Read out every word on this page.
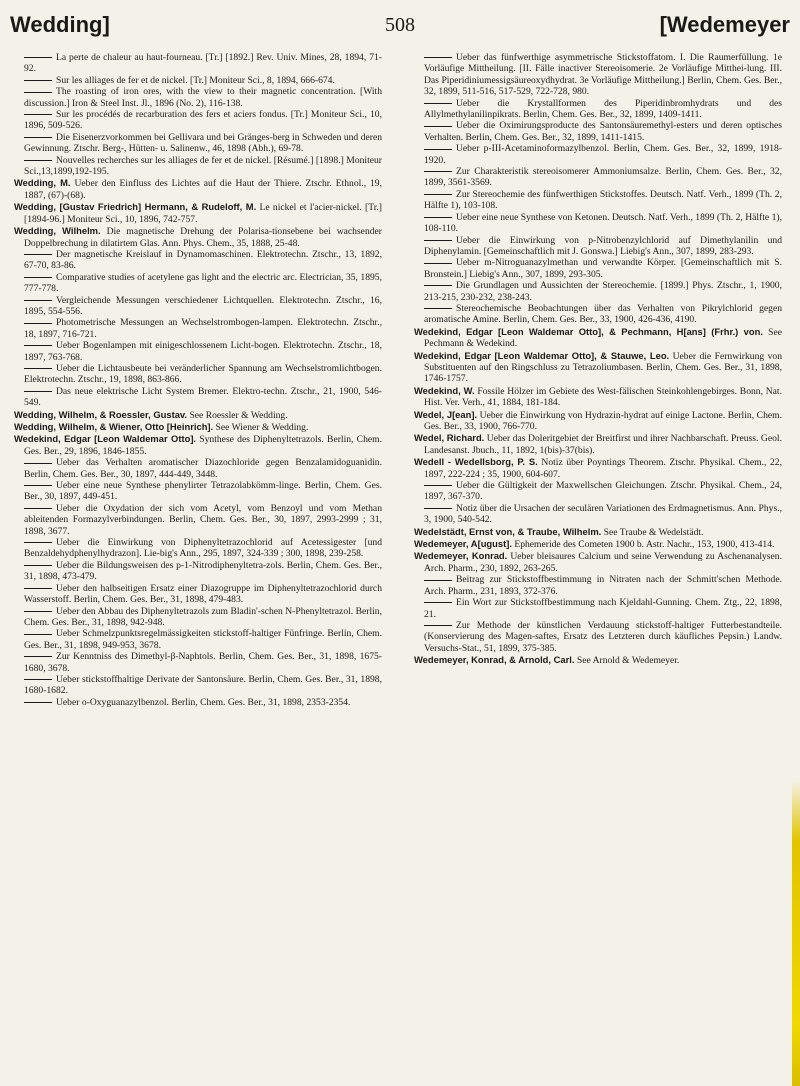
508
Wedding]	[Wedemeyer

La perte de chaleur au haut-fourneau. [Tr.] [1892.] Rev. Univ. Mines, 28, 1894, 71-92.

Sur les alliages de fer et de nickel. [Tr.] Moniteur Sci., 8, 1894, 666-674.

The roasting of iron ores, with the view to their magnetic concentration. [With discussion.] Iron & Steel Inst. Jl., 1896 (No. 2), 116-138.

Sur les procédés de recarburation des fers et aciers fondus. [Tr.] Moniteur Sci., 10, 1896, 509-526.

Die Eisenerzvorkommen bei Gellivara und bei Gränges-berg in Schweden und deren Gewinnung. Ztschr. Berg-, Hütten- u. Salinenw., 46, 1898 (Abh.), 69-78.

Nouvelles recherches sur les alliages de fer et de nickel. [Résumé.] [1898.] Moniteur Sci.,13,1899,192-195.

Wedding, M. Ueber den Einfluss des Lichtes auf die Haut der Thiere. Ztschr. Ethnol., 19, 1887, (67)-(68).

Wedding, [Gustav Friedrich] Hermann, & Rudeloff, M. Le nickel et l'acier-nickel. [Tr.] [1894-96.] Moniteur Sci., 10, 1896, 742-757.

Wedding, Wilhelm. Die magnetische Drehung der Polarisa-tionsebene bei wachsender Doppelbrechung in dilatirtem Glas. Ann. Phys. Chem., 35, 1888, 25-48.

Der magnetische Kreislauf in Dynamomaschinen. Elektrotechn. Ztschr., 13, 1892, 67-70, 83-86.

Comparative studies of acetylene gas light and the electric arc. Electrician, 35, 1895, 777-778.

Vergleichende Messungen verschiedener Lichtquellen. Elektrotechn. Ztschr., 16, 1895, 554-556.

Photometrische Messungen an Wechselstrombogen-lampen. Elektrotechn. Ztschr., 18, 1897, 716-721.

Ueber Bogenlampen mit einigeschlossenem Licht-bogen. Elektrotechn. Ztschr., 18, 1897, 763-768.

Ueber die Lichtausbeute bei veränderlicher Spannung am Wechselstromlichtbogen. Elektrotechn. Ztschr., 19, 1898, 863-866.

Das neue elektrische Licht System Bremer. Elektro-techn. Ztschr., 21, 1900, 546-549.

Wedding, Wilhelm, & Roessler, Gustav. See Roessler & Wedding.

Wedding, Wilhelm, & Wiener, Otto [Heinrich]. See Wiener & Wedding.

Wedekind, Edgar [Leon Waldemar Otto]. Synthese des Diphenyltetrazols. Berlin, Chem. Ges. Ber., 29, 1896, 1846-1855.

Ueber das Verhalten aromatischer Diazochloride gegen Benzalamidoguanidin. Berlin, Chem. Ges. Ber., 30, 1897, 444-449, 3448.

Ueber eine neue Synthese phenylirter Tetrazolabkömm-linge. Berlin, Chem. Ges. Ber., 30, 1897, 449-451.

Ueber die Oxydation der sich vom Acetyl, vom Benzoyl und vom Methan ableitenden Formazylverbindungen. Berlin, Chem. Ges. Ber., 30, 1897, 2993-2999 ; 31, 1898, 3677.

Ueber die Einwirkung von Diphenyltetrazochlorid auf Acetessigester [und Benzaldehydphenylhydrazon]. Lie-big's Ann., 295, 1897, 324-339 ; 300, 1898, 239-258.

Ueber die Bildungsweisen des p-1-Nitrodiphenyltetra-zols. Berlin, Chem. Ges. Ber., 31, 1898, 473-479.

Ueber den halbseitigen Ersatz einer Diazogruppe im Diphenyltetrazochlorid durch Wasserstoff. Berlin, Chem. Ges. Ber., 31, 1898, 479-483.

Ueber den Abbau des Diphenyltetrazols zum Bladin'-schen N-Phenyltetrazol. Berlin, Chem. Ges. Ber., 31, 1898, 942-948.

Ueber Schmelzpunktsregelmässigkeiten stickstoff-haltiger Fünfringe. Berlin, Chem. Ges. Ber., 31, 1898, 949-953, 3678.

Zur Kenntniss des Dimethyl-β-Naphtols. Berlin, Chem. Ges. Ber., 31, 1898, 1675-1680, 3678.

Ueber stickstoffhaltige Derivate der Santonsäure. Berlin, Chem. Ges. Ber., 31, 1898, 1680-1682.

Ueber o-Oxyguanazylbenzol. Berlin, Chem. Ges. Ber., 31, 1898, 2353-2354.

Ueber das fünfwerthige asymmetrische Stickstoffatom. I. Die Raumerfüllung. 1e Vorläufige Mittheilung. [II. Fälle inactiver Stereoisomerie. 2e Vorläufige Mitthei-lung. III. Das Piperidiniumessigsäureoxydhydrat. 3e Vorläufige Mittheilung.] Berlin, Chem. Ges. Ber., 32, 1899, 511-516, 517-529, 722-728, 980.

Ueber die Krystallformen des Piperidinbromhydrats und des Allylmethylanilinpikrats. Berlin, Chem. Ges. Ber., 32, 1899, 1409-1411.

Ueber die Oximirungsproducte des Santonsäuremethyl-esters und deren optisches Verhalten. Berlin, Chem. Ges. Ber., 32, 1899, 1411-1415.

Ueber p-III-Acetaminoformazylbenzol. Berlin, Chem. Ges. Ber., 32, 1899, 1918-1920.

Zur Charakteristik stereoisomerer Ammoniumsalze. Berlin, Chem. Ges. Ber., 32, 1899, 3561-3569.

Zur Stereochemie des fünfwerthigen Stickstoffes. Deutsch. Natf. Verh., 1899 (Th. 2, Hälfte 1), 103-108.

Ueber eine neue Synthese von Ketonen. Deutsch. Natf. Verh., 1899 (Th. 2, Hälfte 1), 108-110.

Ueber die Einwirkung von p-Nitrobenzylchlorid auf Dimethylanilin und Diphenylamin. [Gemeinschaftlich mit J. Gonswa.] Liebig's Ann., 307, 1899, 283-293.

Ueber m-Nitroguanazylmethan und verwandte Körper. [Gemeinschaftlich mit S. Bronstein.] Liebig's Ann., 307, 1899, 293-305.

Die Grundlagen und Aussichten der Stereochemie. [1899.] Phys. Ztschr., 1, 1900, 213-215, 230-232, 238-243.

Stereochemische Beobachtungen über das Verhalten von Pikrylchlorid gegen aromatische Amine. Berlin, Chem. Ges. Ber., 33, 1900, 426-436, 4190.

Wedekind, Edgar [Leon Waldemar Otto], & Pechmann, H[ans] (Frhr.) von. See Pechmann & Wedekind.

Wedekind, Edgar [Leon Waldemar Otto], & Stauwe, Leo. Ueber die Fernwirkung von Substituenten auf den Ringschluss zu Tetrazoliumbasen. Berlin, Chem. Ges. Ber., 31, 1898, 1746-1757.

Wedekind, W. Fossile Hölzer im Gebiete des West-fälischen Steinkohlengebirges. Bonn, Nat. Hist. Ver. Verh., 41, 1884, 181-184.

Wedel, J[ean]. Ueber die Einwirkung von Hydrazin-hydrat auf einige Lactone. Berlin, Chem. Ges. Ber., 33, 1900, 766-770.

Wedel, Richard. Ueber das Doleritgebiet der Breitfirst und ihrer Nachbarschaft. Preuss. Geol. Landesanst. Jbuch., 11, 1892, 1(bis)-37(bis).

Wedell - Wedellsborg, P. S. Notiz über Poyntings Theorem. Ztschr. Physikal. Chem., 22, 1897, 222-224 ; 35, 1900, 604-607.

Ueber die Gültigkeit der Maxwellschen Gleichungen. Ztschr. Physikal. Chem., 24, 1897, 367-370.

Notiz über die Ursachen der seculären Variationen des Erdmagnetismus. Ann. Phys., 3, 1900, 540-542.

Wedelstädt, Ernst von, & Traube, Wilhelm. See Traube & Wedelstädt.

Wedemeyer, A[ugust]. Ephemeride des Cometen 1900 b. Astr. Nachr., 153, 1900, 413-414.

Wedemeyer, Konrad. Ueber bleisaures Calcium und seine Verwendung zu Aschenanalysen. Arch. Pharm., 230, 1892, 263-265.

Beitrag zur Stickstoffbestimmung in Nitraten nach der Schmitt'schen Methode. Arch. Pharm., 231, 1893, 372-376.

Ein Wort zur Stickstoffbestimmung nach Kjeldahl-Gunning. Chem. Ztg., 22, 1898, 21.

Zur Methode der künstlichen Verdauung stickstoff-haltiger Futterbestandteile. (Konservierung des Magen-saftes, Ersatz des Letzteren durch käufliches Pepsin.) Landw. Versuchs-Stat., 51, 1899, 375-385.

Wedemeyer, Konrad, & Arnold, Carl. See Arnold & Wedemeyer.
